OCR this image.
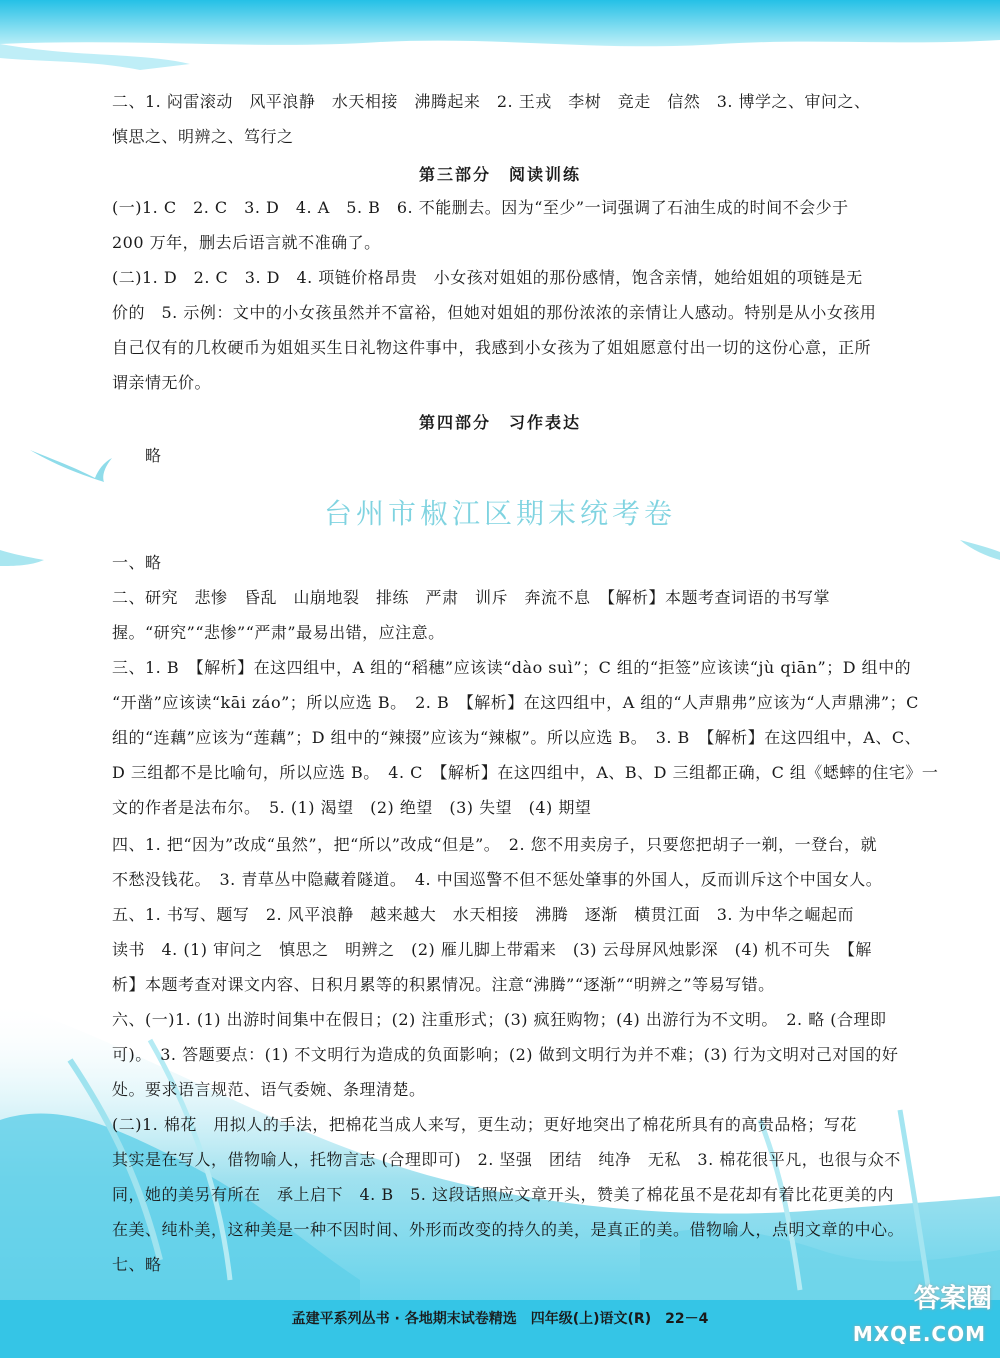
二、1. 闷雷滚动　风平浪静　水天相接　沸腾起来　2. 王戎　李树　竞走　信然　3. 博学之、审问之、
慎思之、明辨之、笃行之
第三部分　阅读训练
(一)1. C　2. C　3. D　4. A　5. B　6. 不能删去。因为“至少”一词强调了石油生成的时间不会少于
200 万年，删去后语言就不准确了。
(二)1. D　2. C　3. D　4. 项链价格昂贵　小女孩对姐姐的那份感情，饱含亲情，她给姐姐的项链是无
价的　5. 示例：文中的小女孩虽然并不富裕，但她对姐姐的那份浓浓的亲情让人感动。特别是从小女孩用
自己仅有的几枚硬币为姐姐买生日礼物这件事中，我感到小女孩为了姐姐愿意付出一切的这份心意，正所
谓亲情无价。
第四部分　习作表达
略
台州市椒江区期末统考卷
一、略
二、研究　悲惨　昏乱　山崩地裂　排练　严肃　训斥　奔流不息　【解析】本题考查词语的书写掌
握。“研究”“悲惨”“严肃”最易出错，应注意。
三、1. B　【解析】在这四组中，A 组的“稻穗”应该读“dào suì”；C 组的“拒签”应该读“jù qiān”；D 组中的
“开凿”应该读“kāi záo”；所以应选 B。　2. B　【解析】在这四组中，A 组的“人声鼎弗”应该为“人声鼎沸”；C
组的“连藕”应该为“莲藕”；D 组中的“辣掇”应该为“辣椒”。所以应选 B。　3. B　【解析】在这四组中，A、C、
D 三组都不是比喻句，所以应选 B。　4. C　【解析】在这四组中，A、B、D 三组都正确，C 组《蟋蟀的住宅》一
文的作者是法布尔。　5. (1) 渴望　(2) 绝望　(3) 失望　(4) 期望
四、1. 把“因为”改成“虽然”，把“所以”改成“但是”。　2. 您不用卖房子，只要您把胡子一剃，一登台，就
不愁没钱花。　3. 青草丛中隐藏着隧道。　4. 中国巡警不但不惩处肇事的外国人，反而训斥这个中国女人。
五、1. 书写、题写　2. 风平浪静　越来越大　水天相接　沸腾　逐渐　横贯江面　3. 为中华之崛起而
读书　4. (1) 审问之　慎思之　明辨之　(2) 雁儿脚上带霜来　(3) 云母屏风烛影深　(4) 机不可失　【解
析】本题考查对课文内容、日积月累等的积累情况。注意“沸腾”“逐渐”“明辨之”等易写错。
六、(一)1. (1) 出游时间集中在假日；(2) 注重形式；(3) 疯狂购物；(4) 出游行为不文明。　2. 略 (合理即
可)。　3. 答题要点：(1) 不文明行为造成的负面影响；(2) 做到文明行为并不难；(3) 行为文明对己对国的好
处。要求语言规范、语气委婉、条理清楚。
(二)1. 棉花　用拟人的手法，把棉花当成人来写，更生动；更好地突出了棉花所具有的高贵品格；写花
其实是在写人，借物喻人，托物言志 (合理即可)　2. 坚强　团结　纯净　无私　3. 棉花很平凡，也很与众不
同，她的美另有所在　承上启下　4. B　5. 这段话照应文章开头，赞美了棉花虽不是花却有着比花更美的内
在美、纯朴美，这种美是一种不因时间、外形而改变的持久的美，是真正的美。借物喻人，点明文章的中心。
七、略
孟建平系列丛书 · 各地期末试卷精选　四年级(上)语文(R)　22－4
答案圈
MXQE.COM
